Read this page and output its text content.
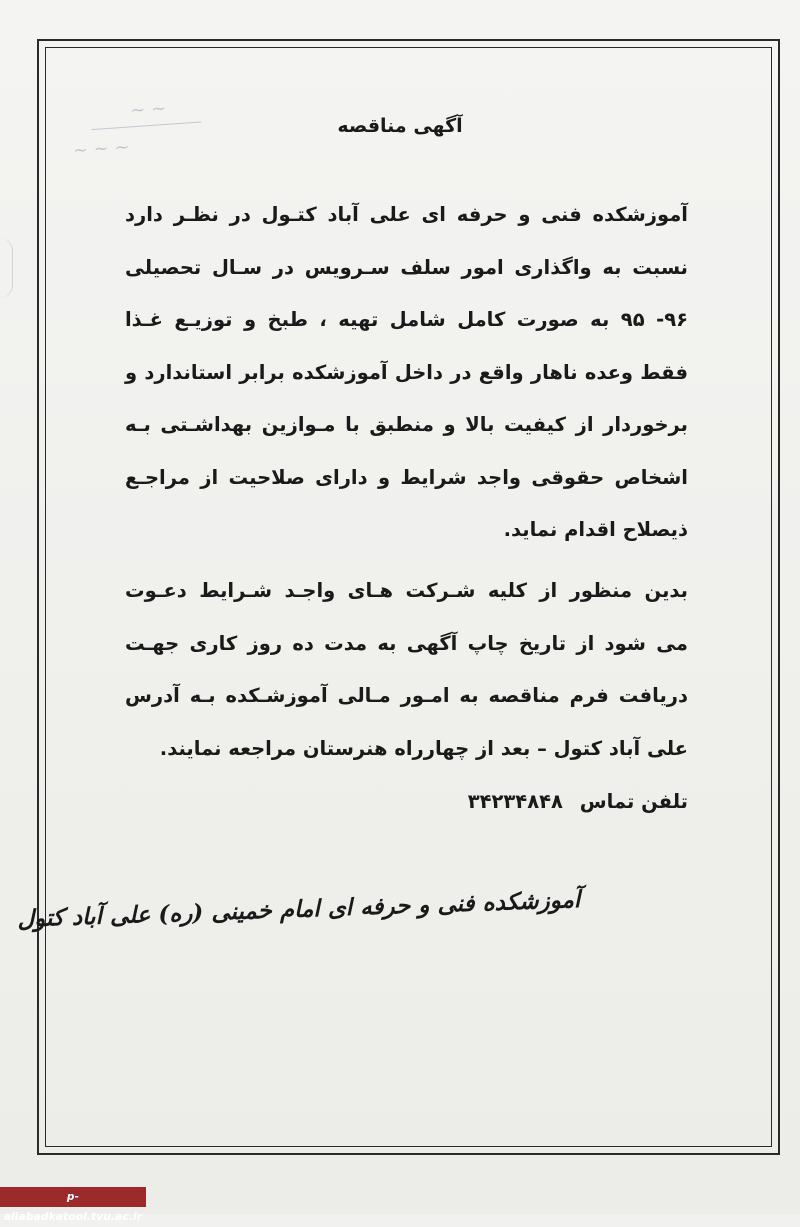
~ ~
~ ~ ~
آگهی مناقصه
آموزشکده فنی و حرفه ای علی آباد کتـول در نظـر دارد
نسبت به واگذاری امور سلف سـرویس در سـال تحصیلی
۹۶- ۹۵ به صورت کامل شامل تهیه ، طبخ و توزیـع غـذا
فقط وعده ناهار واقع در داخل آموزشکده برابر استاندارد و
برخوردار از کیفیت بالا و منطبق با مـوازین بهداشـتی بـه
اشخاص حقوقی واجد شرایط و دارای صلاحیت از مراجـع
ذیصلاح اقدام نماید.
بدین منظور از کلیه شـرکت هـای واجـد شـرایط دعـوت
می شود از تاریخ چاپ آگهی به مدت ده روز کاری جهـت
دریافت فرم مناقصه به امـور مـالی آموزشـکده بـه آدرس
علی آباد کتول – بعد از چهارراه هنرستان مراجعه نمایند.
تلفن تماس ۳۴۲۳۴۸۴۸
آموزشکده فنی و حرفه ای امام خمینی (ره) علی آباد کتول
p-aliabadkatool.tvu.ac.ir
